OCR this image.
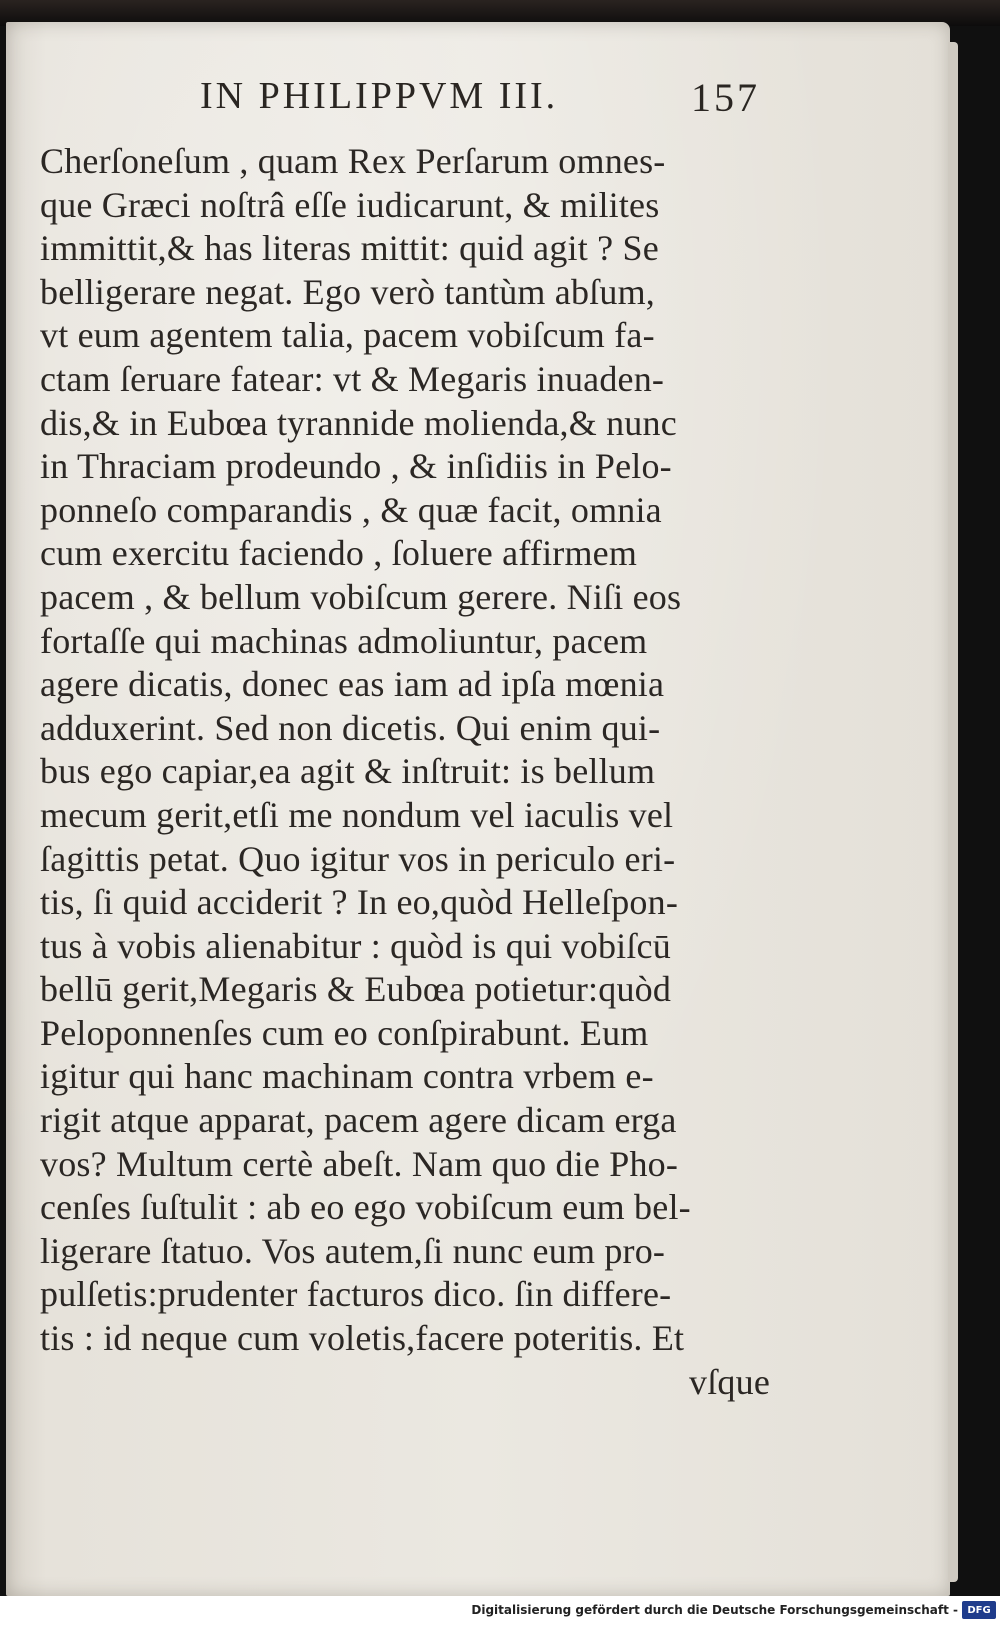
IN PHILIPPVM III.	157
Cherſoneſum , quam Rex Perſarum omnes-
que Græci noſtrâ eſſe iudicarunt, & milites
immittit,& has literas mittit: quid agit ? Se
belligerare negat. Ego verò tantùm abſum,
vt eum agentem talia, pacem vobiſcum fa-
ctam ſeruare fatear: vt & Megaris inuaden-
dis,& in Eubœa tyrannide molienda,& nunc
in Thraciam prodeundo , & inſidiis in Pelo-
ponneſo comparandis , & quæ facit, omnia
cum exercitu faciendo , ſoluere affirmem
pacem , & bellum vobiſcum gerere. Niſi eos
fortaſſe qui machinas admoliuntur, pacem
agere dicatis, donec eas iam ad ipſa mœnia
adduxerint. Sed non dicetis. Qui enim qui-
bus ego capiar,ea agit & inſtruit: is bellum
mecum gerit,etſi me nondum vel iaculis vel
ſagittis petat. Quo igitur vos in periculo eri-
tis, ſi quid acciderit ? In eo,quòd Helleſpon-
tus à vobis alienabitur : quòd is qui vobiſcū
bellū gerit,Megaris & Eubœa potietur:quòd
Peloponnenſes cum eo conſpirabunt. Eum
igitur qui hanc machinam contra vrbem e-
rigit atque apparat, pacem agere dicam erga
vos? Multum certè abeſt. Nam quo die Pho-
cenſes ſuſtulit : ab eo ego vobiſcum eum bel-
ligerare ſtatuo. Vos autem,ſi nunc eum pro-
pulſetis:prudenter facturos dico. ſin differe-
tis : id neque cum voletis,facere poteritis. Et
vſque
Digitalisierung gefördert durch die Deutsche Forschungsgemeinschaft - DFG
